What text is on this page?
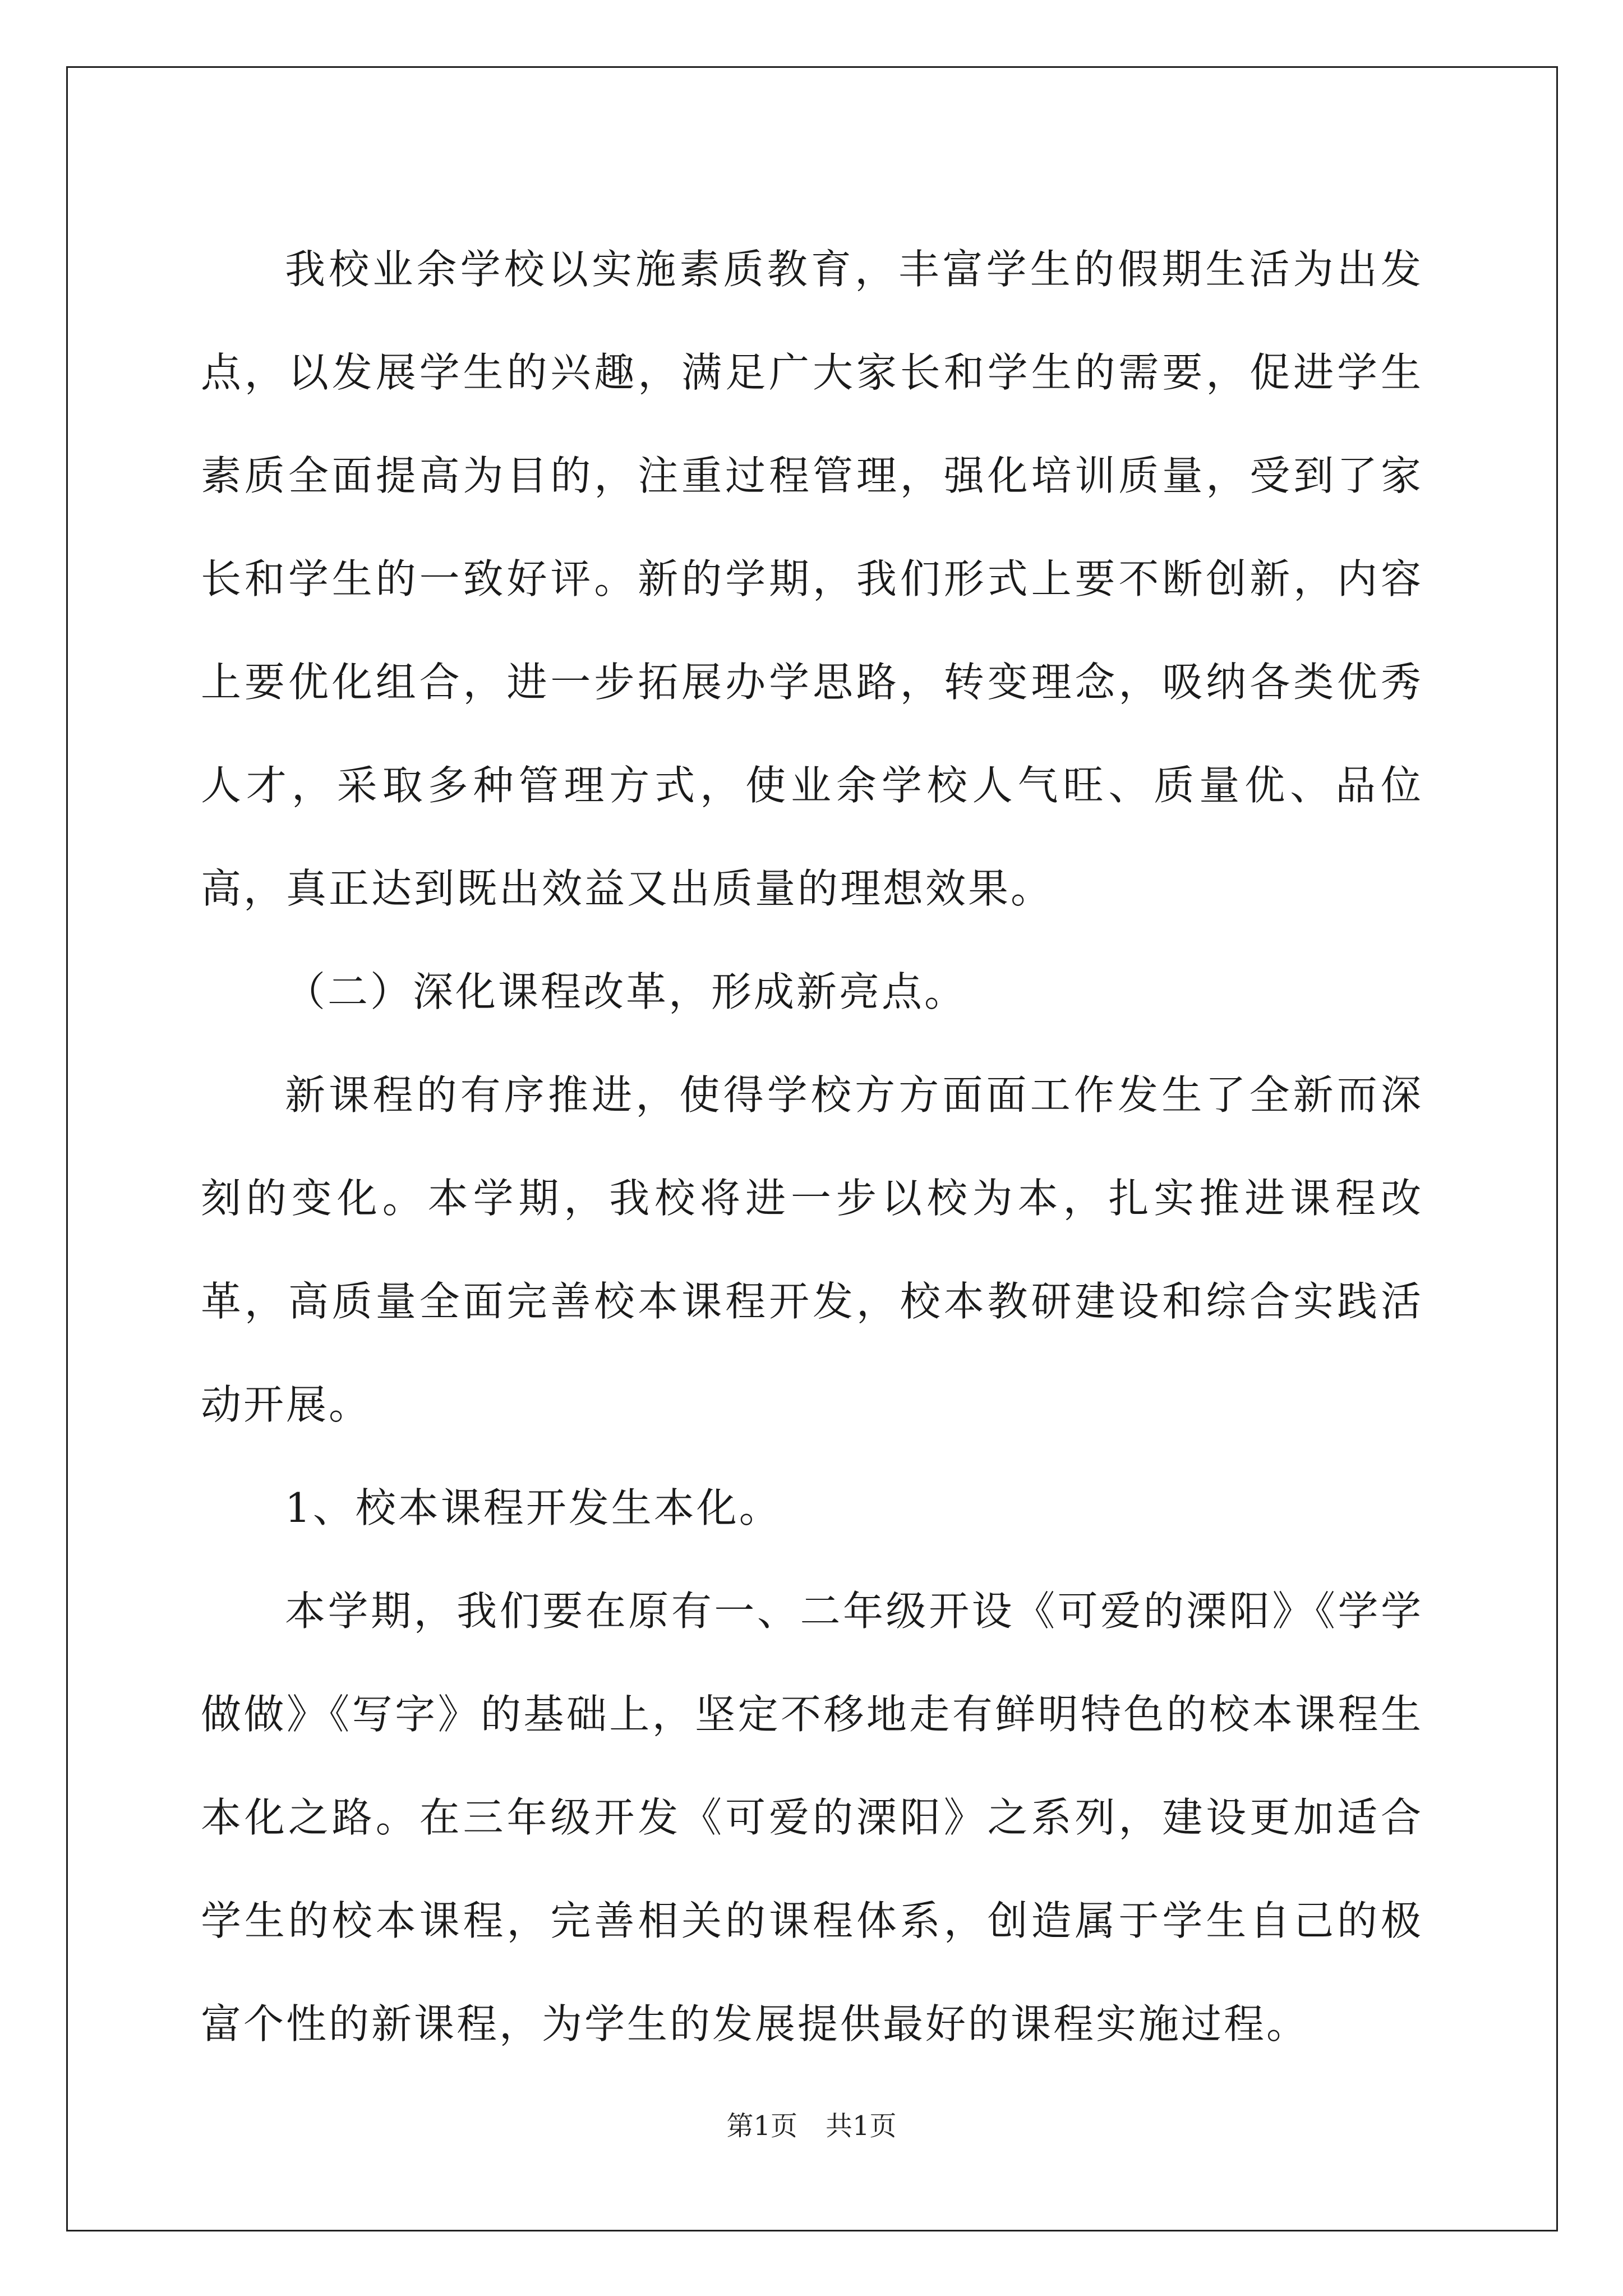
我校业余学校以实施素质教育，丰富学生的假期生活为出发点，以发展学生的兴趣，满足广大家长和学生的需要，促进学生素质全面提高为目的，注重过程管理，强化培训质量，受到了家长和学生的一致好评。新的学期，我们形式上要不断创新，内容上要优化组合，进一步拓展办学思路，转变理念，吸纳各类优秀人才，采取多种管理方式，使业余学校人气旺、质量优、品位高，真正达到既出效益又出质量的理想效果。

（二）深化课程改革，形成新亮点。

新课程的有序推进，使得学校方方面面工作发生了全新而深刻的变化。本学期，我校将进一步以校为本，扎实推进课程改革，高质量全面完善校本课程开发，校本教研建设和综合实践活动开展。

1、校本课程开发生本化。

本学期，我们要在原有一、二年级开设《可爱的溧阳》《学学做做》《写字》的基础上，坚定不移地走有鲜明特色的校本课程生本化之路。在三年级开发《可爱的溧阳》之系列，建设更加适合学生的校本课程，完善相关的课程体系，创造属于学生自己的极富个性的新课程，为学生的发展提供最好的课程实施过程。

第1页 共1页
